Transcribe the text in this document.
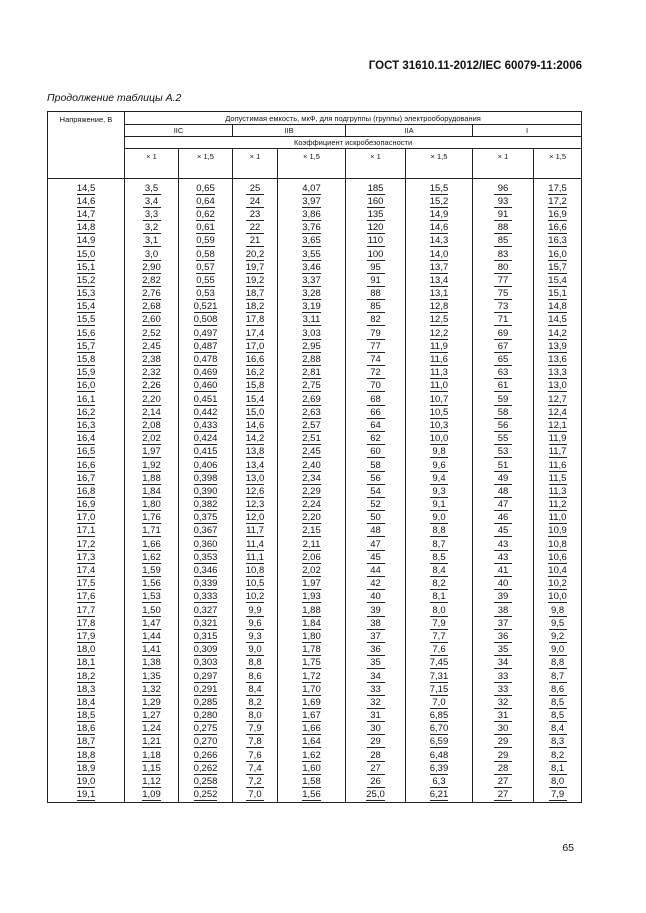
ГОСТ 31610.11-2012/IEC 60079-11:2006
Продолжение таблицы А.2
Напряжение, В	Допустимая емкость, мкФ, для подгруппы (группы) электрооборудования							
	IIC		IIB		IIA		I	
	Коэффициент искробезопасности							
	× 1	× 1,5	× 1	× 1,5	× 1	× 1,5	× 1	× 1,5
14,5	3,5	0,65	25	4,07	185	15,5	96	17,5
14,6	3,4	0,64	24	3,97	160	15,2	93	17,2
14,7	3,3	0,62	23	3,86	135	14,9	91	16,9
14,8	3,2	0,61	22	3,76	120	14,6	88	16,6
14,9	3,1	0,59	21	3,65	110	14,3	85	16,3
15,0	3,0	0,58	20,2	3,55	100	14,0	83	16,0
15,1	2,90	0,57	19,7	3,46	95	13,7	80	15,7
15,2	2,82	0,55	19,2	3,37	91	13,4	77	15,4
15,3	2,76	0,53	18,7	3,28	88	13,1	75	15,1
15,4	2,68	0,521	18,2	3,19	85	12,8	73	14,8
15,5	2,60	0,508	17,8	3,11	82	12,5	71	14,5
15,6	2,52	0,497	17,4	3,03	79	12,2	69	14,2
15,7	2,45	0,487	17,0	2,95	77	11,9	67	13,9
15,8	2,38	0,478	16,6	2,88	74	11,6	65	13,6
15,9	2,32	0,469	16,2	2,81	72	11,3	63	13,3
16,0	2,26	0,460	15,8	2,75	70	11,0	61	13,0
16,1	2,20	0,451	15,4	2,69	68	10,7	59	12,7
16,2	2,14	0,442	15,0	2,63	66	10,5	58	12,4
16,3	2,08	0,433	14,6	2,57	64	10,3	56	12,1
16,4	2,02	0,424	14,2	2,51	62	10,0	55	11,9
16,5	1,97	0,415	13,8	2,45	60	9,8	53	11,7
16,6	1,92	0,406	13,4	2,40	58	9,6	51	11,6
16,7	1,88	0,398	13,0	2,34	56	9,4	49	11,5
16,8	1,84	0,390	12,6	2,29	54	9,3	48	11,3
16,9	1,80	0,382	12,3	2,24	52	9,1	47	11,2
17,0	1,76	0,375	12,0	2,20	50	9,0	46	11,0
17,1	1,71	0,367	11,7	2,15	48	8,8	45	10,9
17,2	1,66	0,360	11,4	2,11	47	8,7	43	10,8
17,3	1,62	0,353	11,1	2,06	45	8,5	43	10,6
17,4	1,59	0,346	10,8	2,02	44	8,4	41	10,4
17,5	1,56	0,339	10,5	1,97	42	8,2	40	10,2
17,6	1,53	0,333	10,2	1,93	40	8,1	39	10,0
17,7	1,50	0,327	9,9	1,88	39	8,0	38	9,8
17,8	1,47	0,321	9,6	1,84	38	7,9	37	9,5
17,9	1,44	0,315	9,3	1,80	37	7,7	36	9,2
18,0	1,41	0,309	9,0	1,78	36	7,6	35	9,0
18,1	1,38	0,303	8,8	1,75	35	7,45	34	8,8
18,2	1,35	0,297	8,6	1,72	34	7,31	33	8,7
18,3	1,32	0,291	8,4	1,70	33	7,15	33	8,6
18,4	1,29	0,285	8,2	1,69	32	7,0	32	8,5
18,5	1,27	0,280	8,0	1,67	31	6,85	31	8,5
18,6	1,24	0,275	7,9	1,66	30	6,70	30	8,4
18,7	1,21	0,270	7,8	1,64	29	6,59	29	8,3
18,8	1,18	0,266	7,6	1,62	28	6,48	29	8,2
18,9	1,15	0,262	7,4	1,60	27	6,39	28	8,1
19,0	1,12	0,258	7,2	1,58	26	6,3	27	8,0
19,1	1,09	0,252	7,0	1,56	25,0	6,21	27	7,9
65
